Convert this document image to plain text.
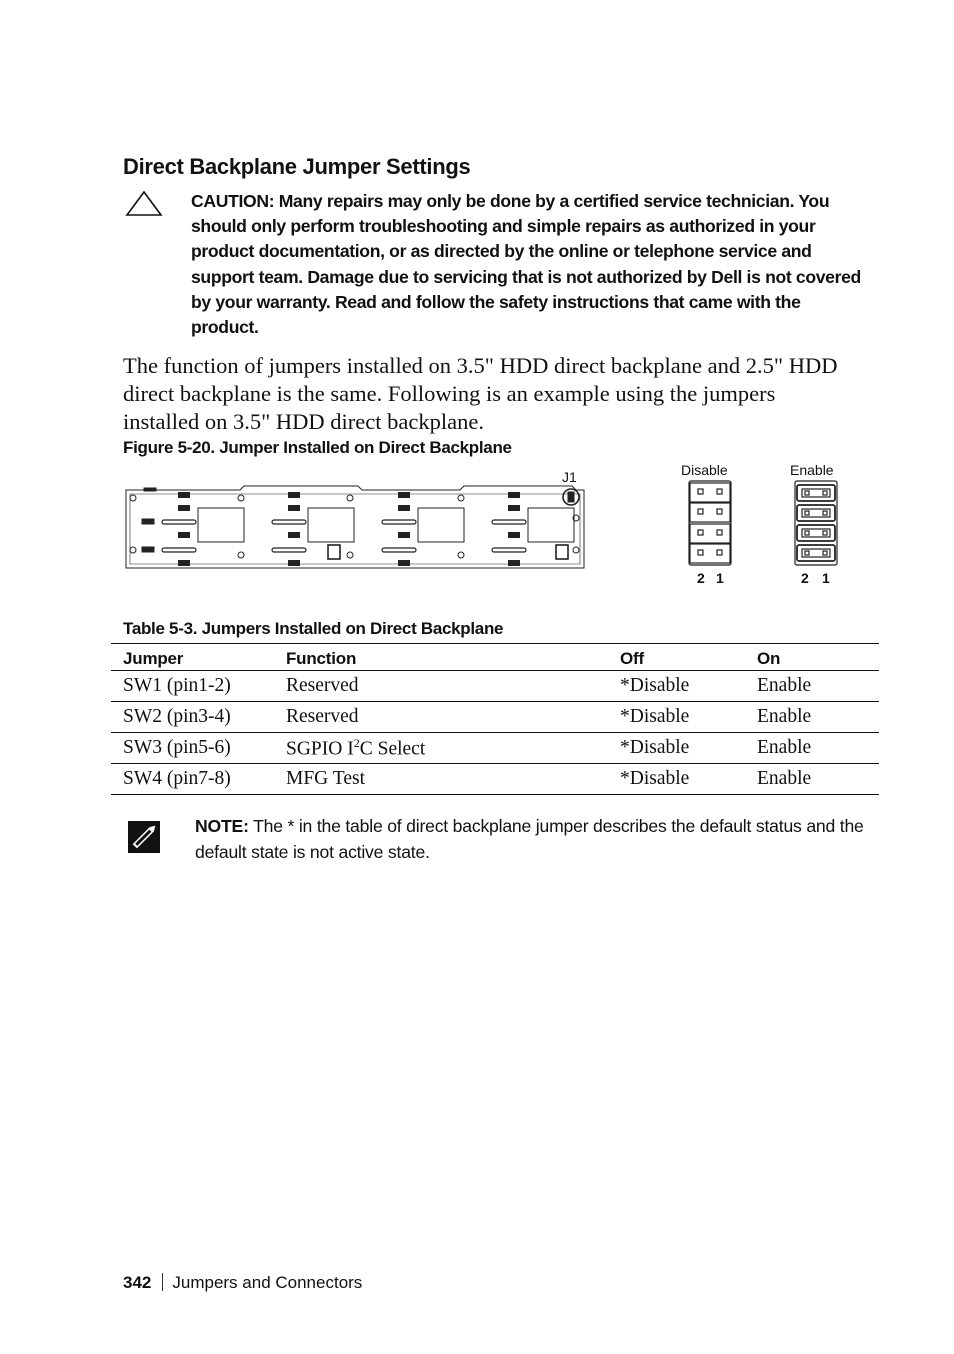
Direct Backplane Jumper Settings
CAUTION: Many repairs may only be done by a certified service technician. You should only perform troubleshooting and simple repairs as authorized in your product documentation, or as directed by the online or telephone service and support team. Damage due to servicing that is not authorized by Dell is not covered by your warranty. Read and follow the safety instructions that came with the product.
The function of jumpers installed on 3.5" HDD direct backplane and 2.5" HDD direct backplane is the same. Following is an example using the jumpers installed on 3.5" HDD direct backplane.
Figure 5-20. Jumper Installed on Direct Backplane
J1	Disable
2 1
Enable
2 1
Table 5-3. Jumpers Installed on Direct Backplane
Jumper	Function	Off	On
SW1 (pin1-2)	Reserved	*Disable	Enable
SW2 (pin3-4)	Reserved	*Disable	Enable
SW3 (pin5-6)	SGPIO $I^2C$ Select	*Disable	Enable
SW4 (pin7-8)	MFG Test	*Disable	Enable
NOTE: The * in the table of direct backplane jumper describes the default status and the default state is not active state.
342 Jumpers and Connectors
